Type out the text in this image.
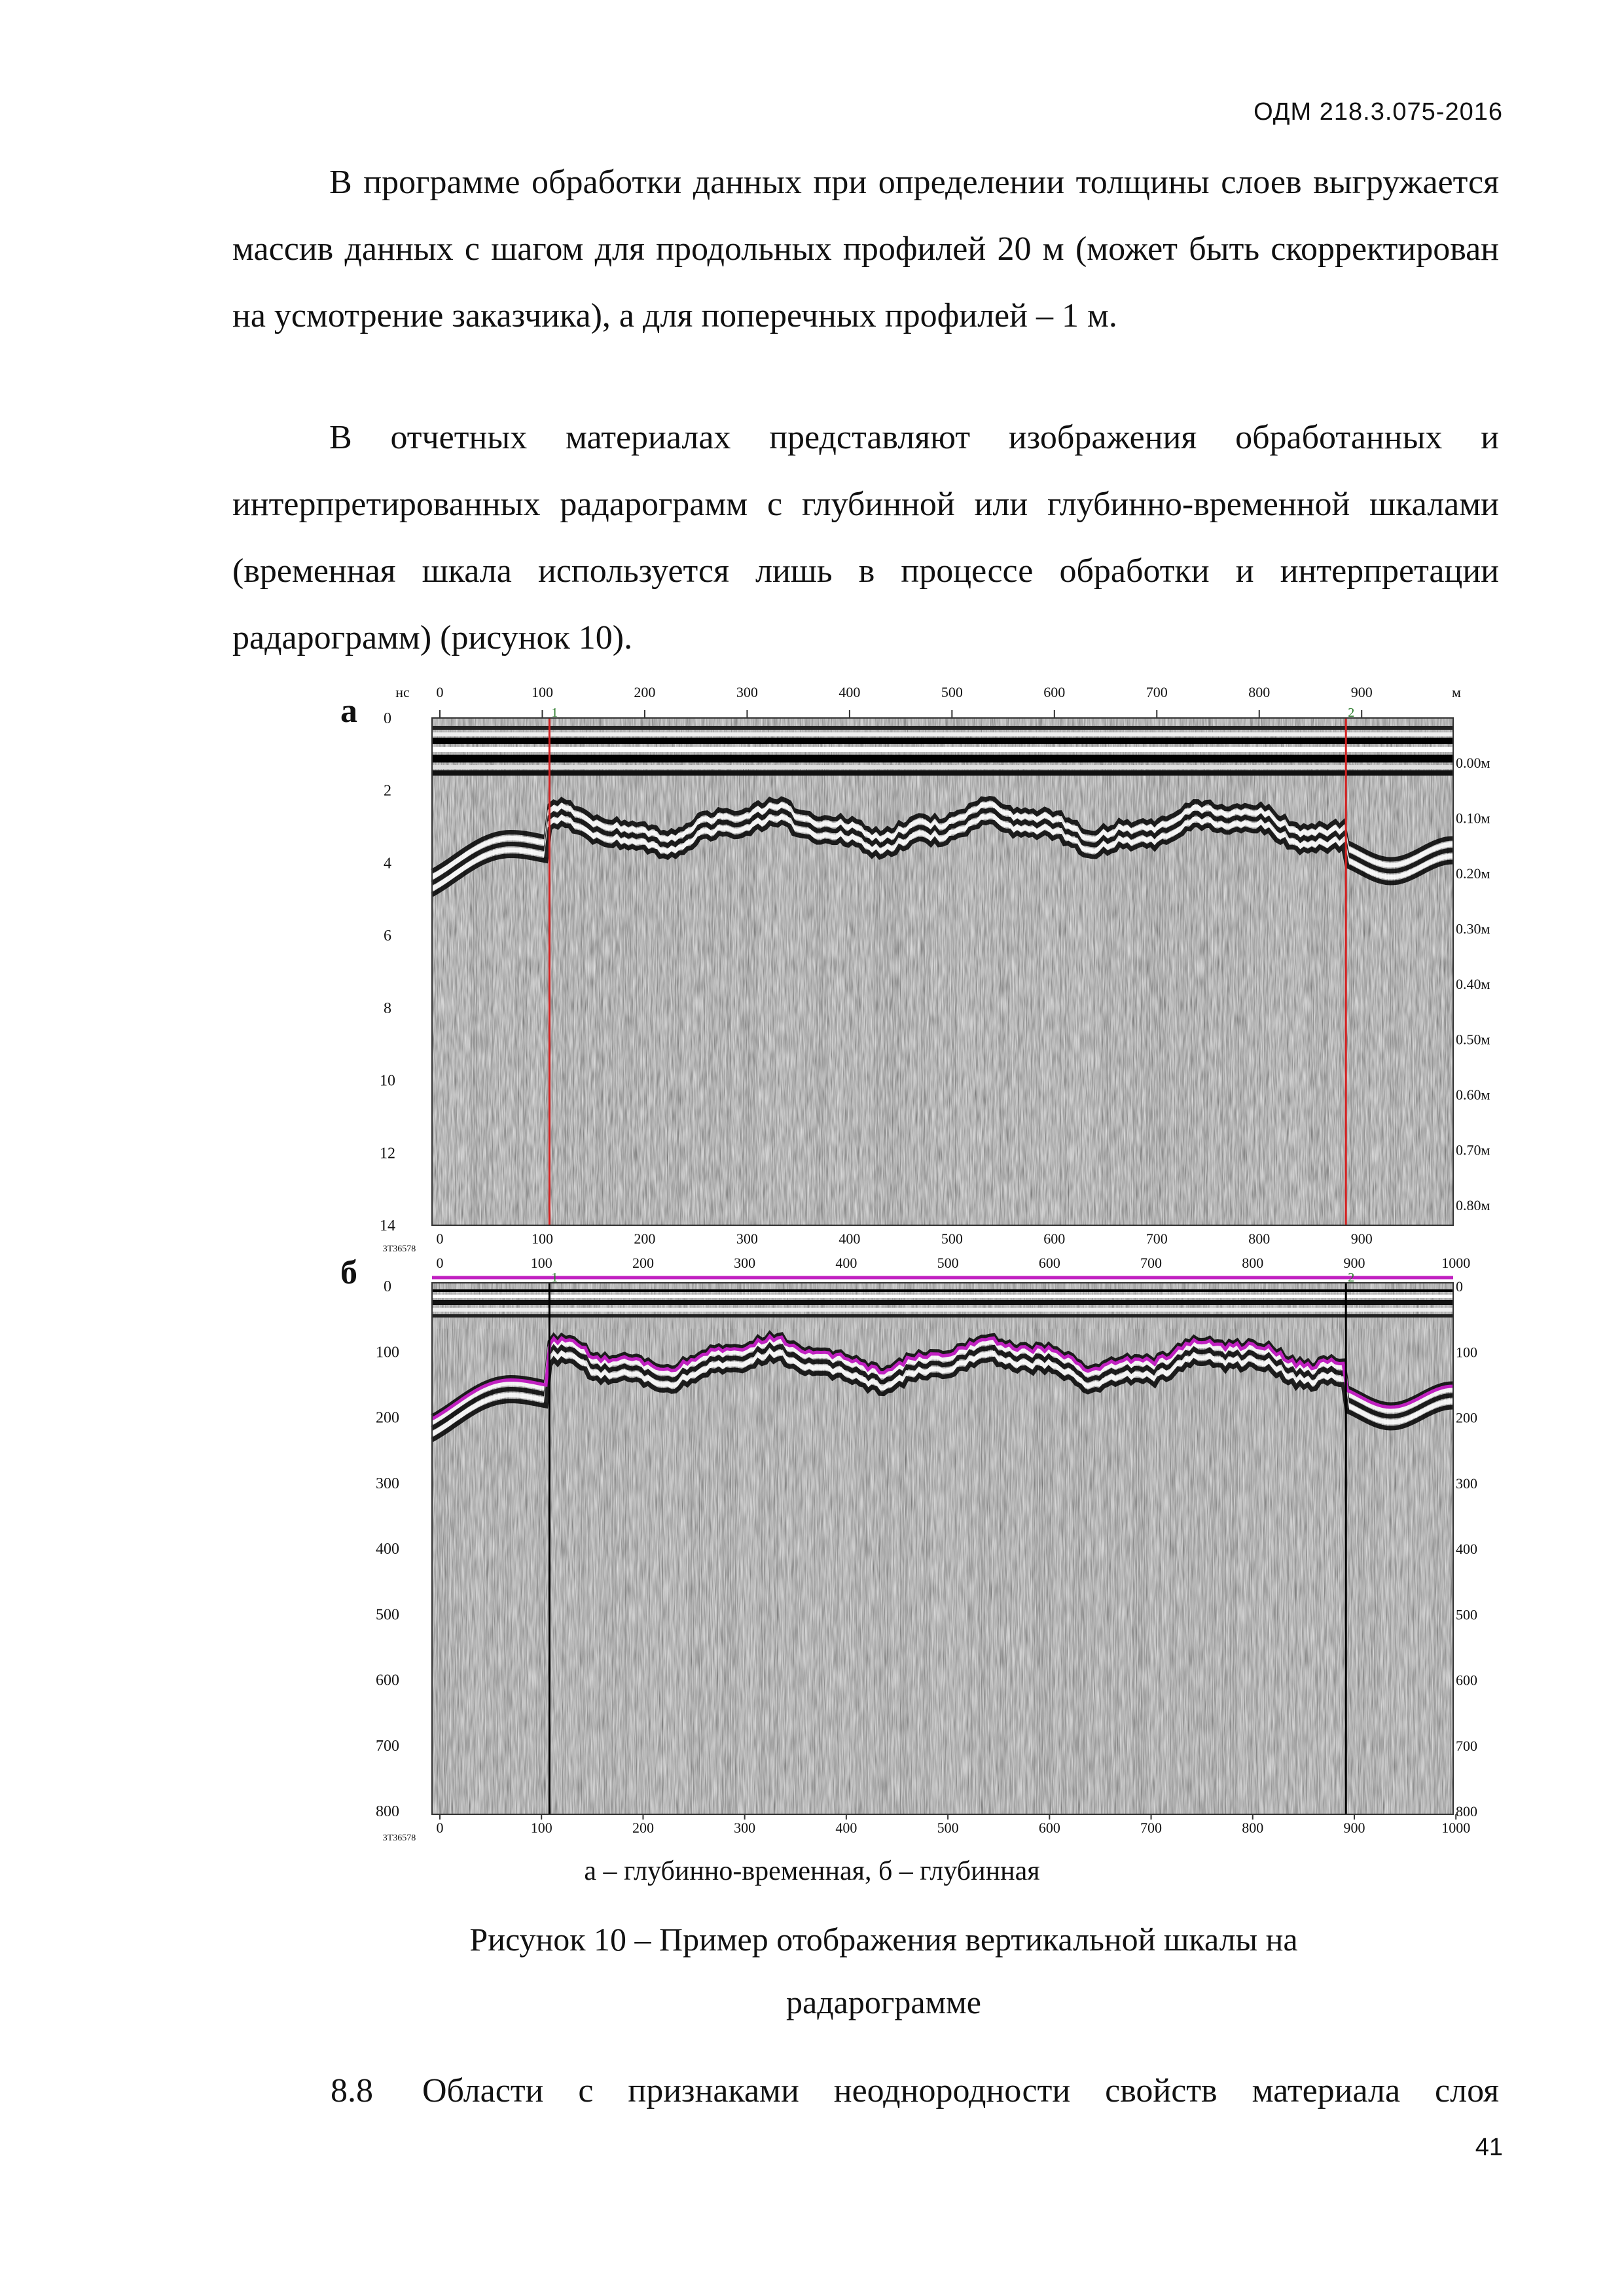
ОДМ 218.3.075-2016

В программе обработки данных при определении толщины слоев выгружается массив данных с шагом для продольных профилей 20 м (может быть скорректирован на усмотрение заказчика), а для поперечных профилей – 1 м.

В отчетных материалах представляют изображения обработанных и интерпретированных радарограмм с глубинной или глубинно-временной шкалами (временная шкала используется лишь в процессе обработки и интерпретации радарограмм) (рисунок 10).

а
б
1	2
нс	м
0
0
100
100
200
200
300
300
400
400
500
500
600
600
700
700
800
800
900
900
0
2
4
6
8
10
12
14
0.00м
0.10м
0.20м
0.30м
0.40м
0.50м
0.60м
0.70м
0.80м
3T36578
1	2
0
0
100
100
200
200
300
300
400
400
500
500
600
600
700
700
800
800
900
900
1000
1000
0	0
100	100
200	200
300	300
400	400
500	500
600	600
700	700
800	800
3T36578
а – глубинно-временная, б – глубинная
Рисунок 10 – Пример отображения вертикальной шкалы на радарограмме
8.8 Области с признаками неоднородности свойств материала слоя
41
